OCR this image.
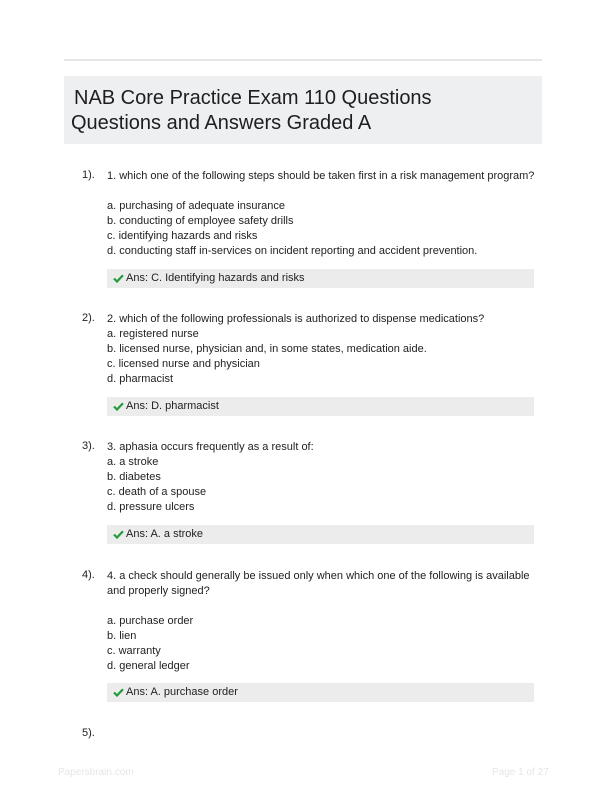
NAB Core Practice Exam 110 Questions
Questions and Answers Graded A
1). 1. which one of the following steps should be taken first in a risk management program?
a. purchasing of adequate insurance
b. conducting of employee safety drills
c. identifying hazards and risks
d. conducting staff in-services on incident reporting and accident prevention.
Ans: C. Identifying hazards and risks
2). 2. which of the following professionals is authorized to dispense medications?
a. registered nurse
b. licensed nurse, physician and, in some states, medication aide.
c. licensed nurse and physician
d. pharmacist
Ans: D. pharmacist
3). 3. aphasia occurs frequently as a result of:
a. a stroke
b. diabetes
c. death of a spouse
d. pressure ulcers
Ans: A. a stroke
4). 4. a check should generally be issued only when which one of the following is available
and properly signed?
a. purchase order
b. lien
c. warranty
d. general ledger
Ans: A. purchase order
5).
Papersbrain.com	Page 1 of 27
